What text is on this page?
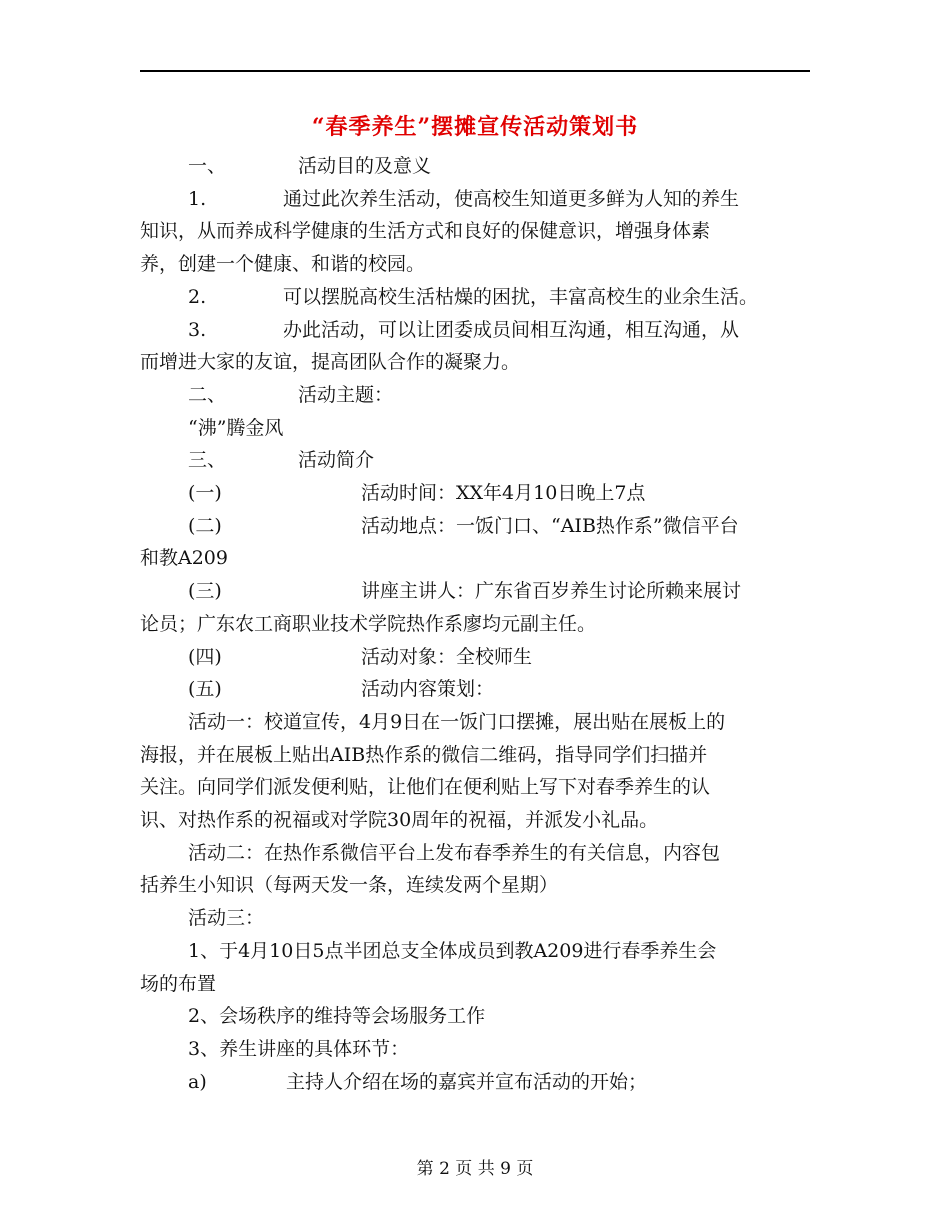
“春季养生”摆摊宣传活动策划书

一、	活动目的及意义

1.	通过此次养生活动，使高校生知道更多鲜为人知的养生

知识，从而养成科学健康的生活方式和良好的保健意识，增强身体素

养，创建一个健康、和谐的校园。

2.	可以摆脱高校生活枯燥的困扰，丰富高校生的业余生活。

3.	办此活动，可以让团委成员间相互沟通，相互沟通，从

而增进大家的友谊，提高团队合作的凝聚力。

二、	活动主题：

“沸”腾金风

三、	活动简介

(一)	活动时间：XX年4月10日晚上7点

(二)	活动地点：一饭门口、“AIB热作系”微信平台

和教A209

(三)	讲座主讲人：广东省百岁养生讨论所赖来展讨

论员；广东农工商职业技术学院热作系廖均元副主任。

(四)	活动对象：全校师生

(五)	活动内容策划：

活动一：校道宣传，4月9日在一饭门口摆摊，展出贴在展板上的

海报，并在展板上贴出AIB热作系的微信二维码，指导同学们扫描并

关注。向同学们派发便利贴，让他们在便利贴上写下对春季养生的认

识、对热作系的祝福或对学院30周年的祝福，并派发小礼品。

活动二：在热作系微信平台上发布春季养生的有关信息，内容包

括养生小知识（每两天发一条，连续发两个星期）

活动三：

1、于4月10日5点半团总支全体成员到教A209进行春季养生会

场的布置

2、会场秩序的维持等会场服务工作

3、养生讲座的具体环节：

a)	主持人介绍在场的嘉宾并宣布活动的开始；

第 2 页 共 9 页
